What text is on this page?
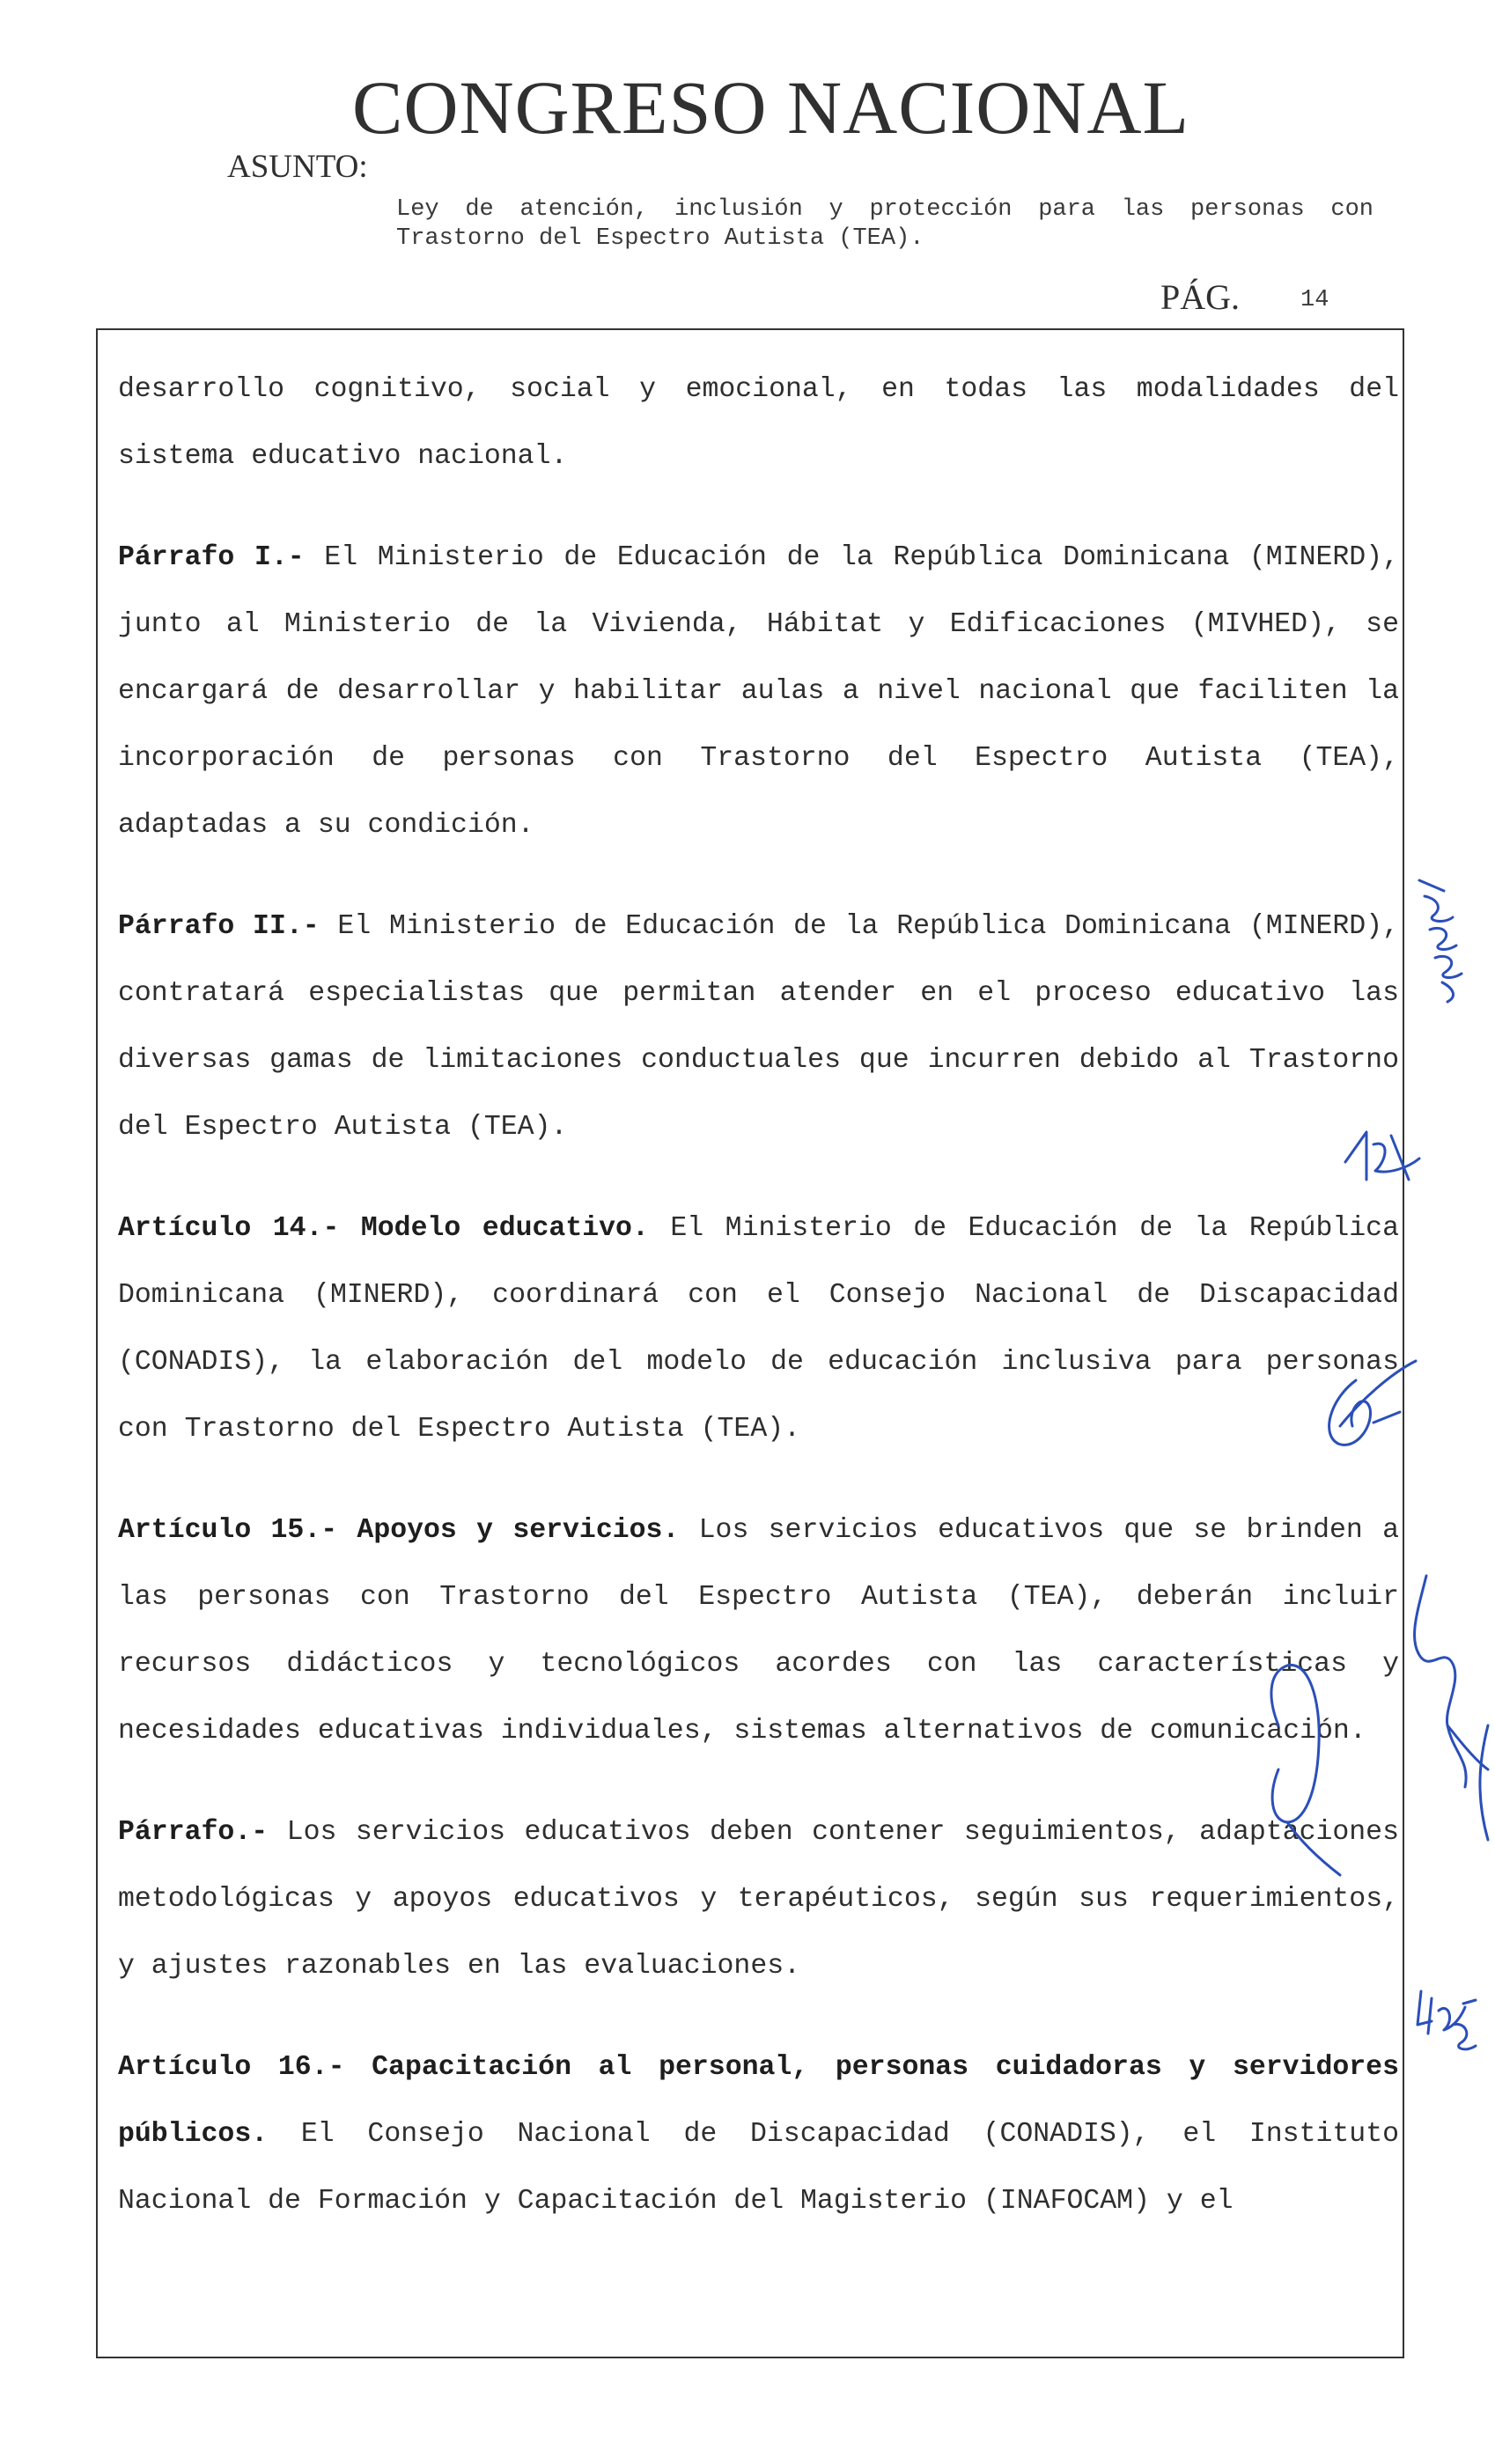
CONGRESO NACIONAL
ASUNTO:
Ley de atención, inclusión y protección para las personas con Trastorno del Espectro Autista (TEA).
PÁG.	14

desarrollo cognitivo, social y emocional, en todas las modalidades del sistema educativo nacional.

Párrafo I.- El Ministerio de Educación de la República Dominicana (MINERD), junto al Ministerio de la Vivienda, Hábitat y Edificaciones (MIVHED), se encargará de desarrollar y habilitar aulas a nivel nacional que faciliten la incorporación de personas con Trastorno del Espectro Autista (TEA), adaptadas a su condición.

Párrafo II.- El Ministerio de Educación de la República Dominicana (MINERD), contratará especialistas que permitan atender en el proceso educativo las diversas gamas de limitaciones conductuales que incurren debido al Trastorno del Espectro Autista (TEA).

Artículo 14.- Modelo educativo. El Ministerio de Educación de la República Dominicana (MINERD), coordinará con el Consejo Nacional de Discapacidad (CONADIS), la elaboración del modelo de educación inclusiva para personas con Trastorno del Espectro Autista (TEA).

Artículo 15.- Apoyos y servicios. Los servicios educativos que se brinden a las personas con Trastorno del Espectro Autista (TEA), deberán incluir recursos didácticos y tecnológicos acordes con las características y necesidades educativas individuales, sistemas alternativos de comunicación.

Párrafo.- Los servicios educativos deben contener seguimientos, adaptaciones metodológicas y apoyos educativos y terapéuticos, según sus requerimientos, y ajustes razonables en las evaluaciones.

Artículo 16.- Capacitación al personal, personas cuidadoras y servidores públicos. El Consejo Nacional de Discapacidad (CONADIS), el Instituto Nacional de Formación y Capacitación del Magisterio (INAFOCAM) y el
